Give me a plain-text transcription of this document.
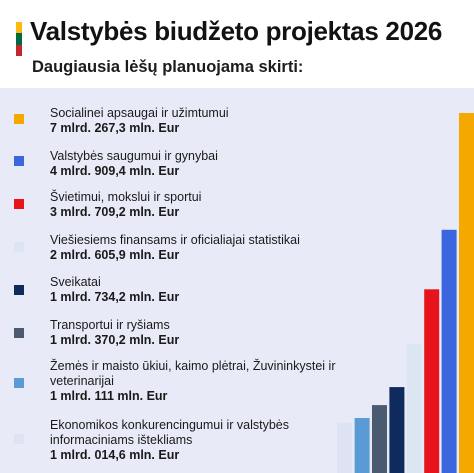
Valstybės biudžeto projektas 2026
Daugiausia lėšų planuojama skirti:
Socialinei apsaugai ir užimtumui
7 mlrd. 267,3 mln. Eur
Valstybės saugumui ir gynybai
4 mlrd. 909,4 mln. Eur
Švietimui, mokslui ir sportui
3 mlrd. 709,2 mln. Eur
Viešiesiems finansams ir oficialiajai statistikai
2 mlrd. 605,9 mln. Eur
Sveikatai
1 mlrd. 734,2 mln. Eur
Transportui ir ryšiams
1 mlrd. 370,2 mln. Eur
Žemės ir maisto ūkiui, kaimo plėtrai, Žuvininkystei ir veterinarijai
1 mlrd. 111 mln. Eur
Ekonomikos konkurencingumui ir valstybės informaciniams ištekliams
1 mlrd. 014,6 mln. Eur
